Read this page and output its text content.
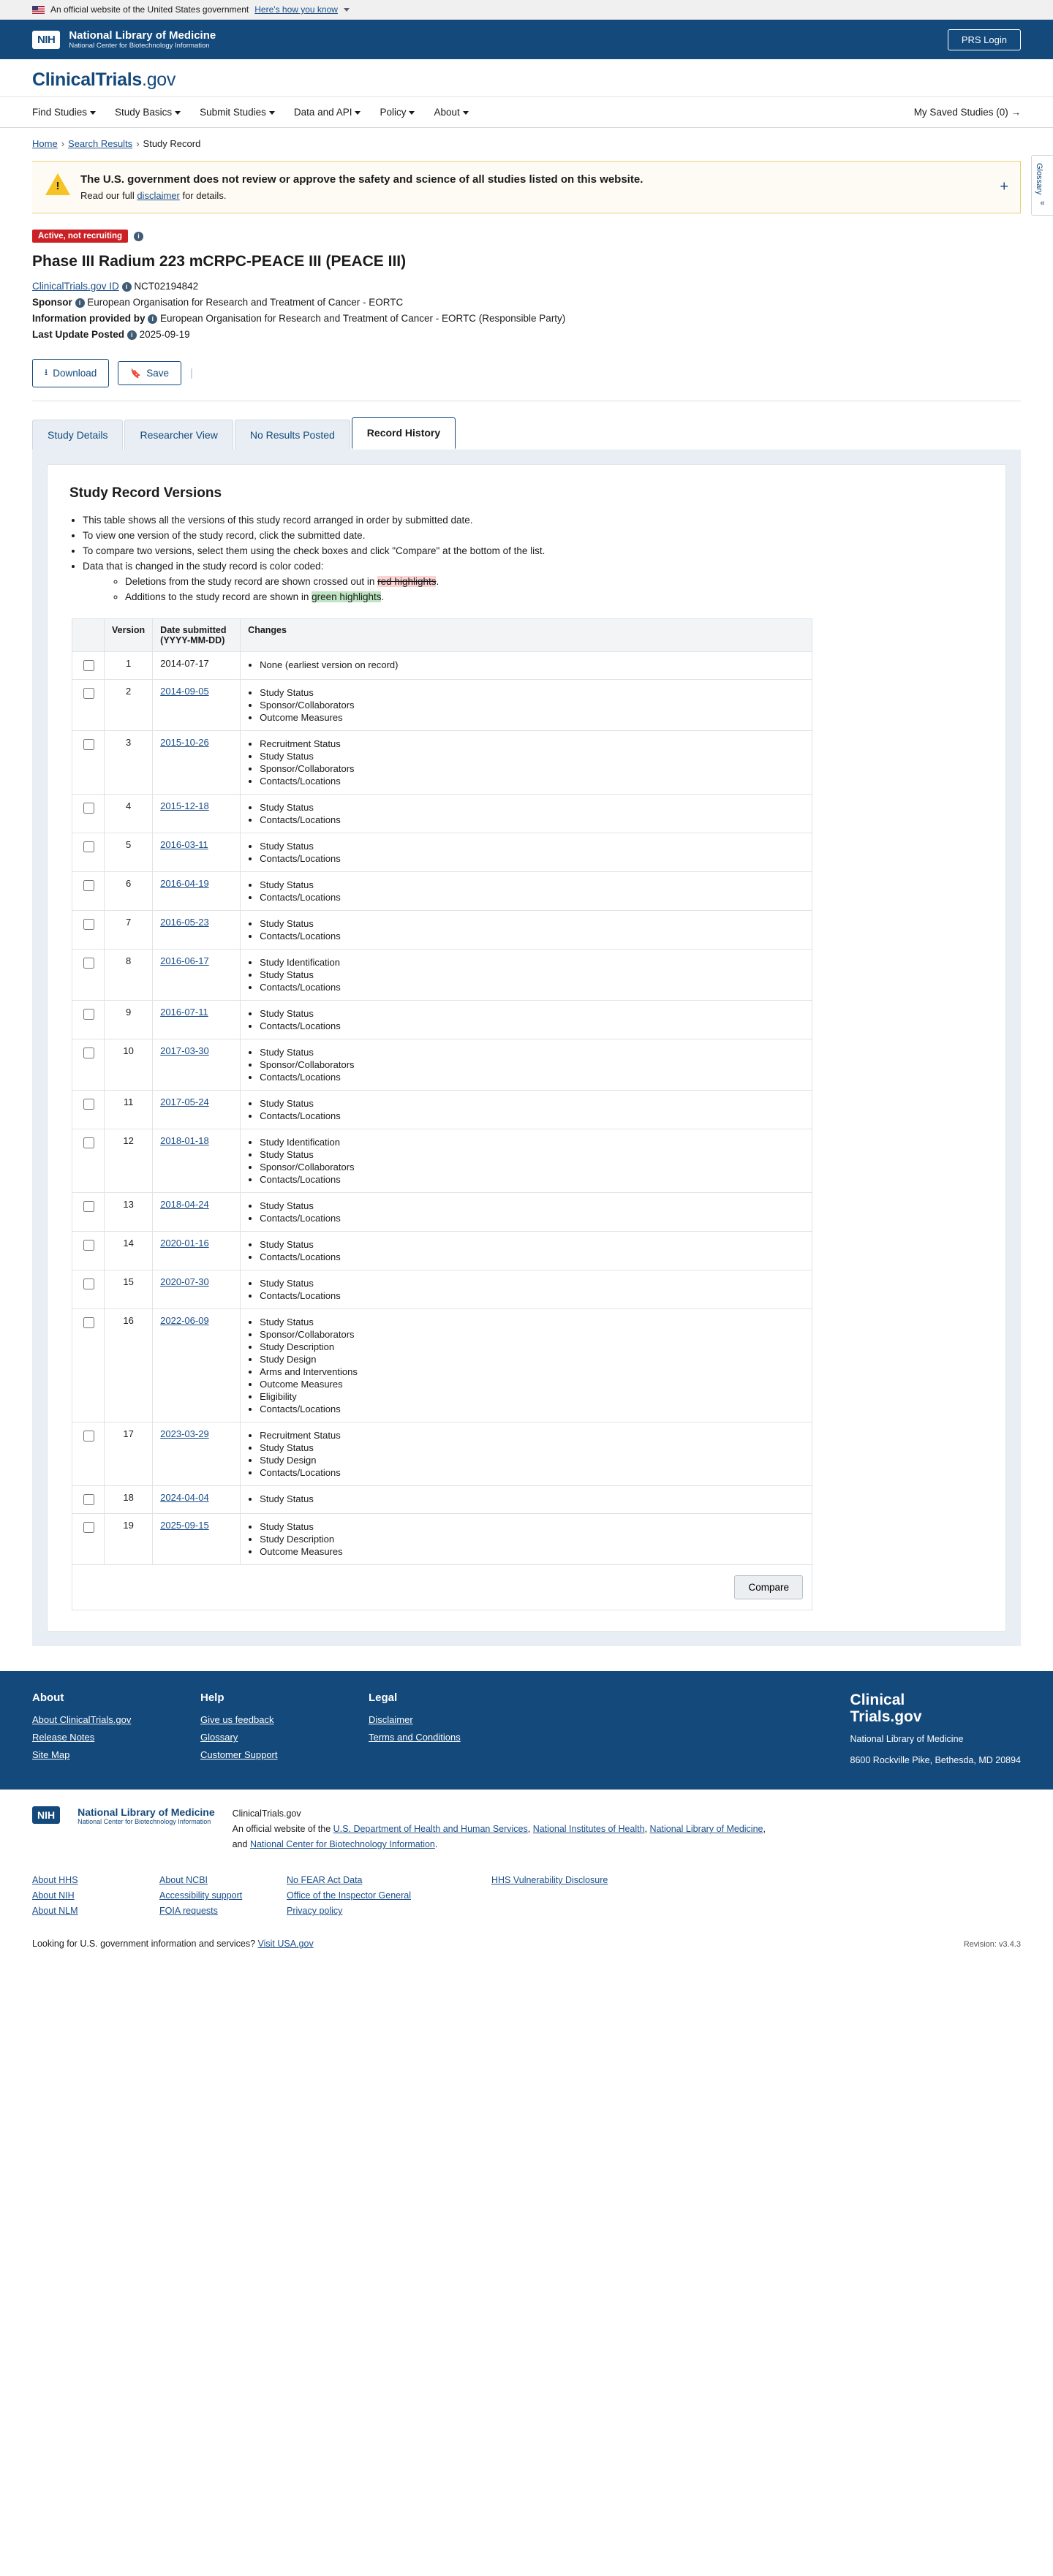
An official website of the United States government Here's how you know
NIH	National Library of Medicine
National Center for Biotechnology Information
PRS Login
ClinicalTrials.gov
Find Studies	Study Basics	Submit Studies	Data and API	Policy	About	My Saved Studies (0) →
Home › Search Results › Study Record
Glossary
«
!
The U.S. government does not review or approve the safety and science of all studies listed on this website.
Read our full disclaimer for details.
+
Active, not recruiting	i
Phase III Radium 223 mCRPC-PEACE III (PEACE III)
ClinicalTrials.gov ID i NCT02194842
Sponsor i European Organisation for Research and Treatment of Cancer - EORTC
Information provided by i European Organisation for Research and Treatment of Cancer - EORTC (Responsible Party)
Last Update Posted i 2025-09-19
⭳ Download	🔖 Save |
Study Details	Researcher View	No Results Posted	Record History
Study Record Versions
• This table shows all the versions of this study record arranged in order by submitted date.
• To view one version of the study record, click the submitted date.
• To compare two versions, select them using the check boxes and click "Compare" at the bottom of the list.
• Data that is changed in the study record is color coded:
◦ Deletions from the study record are shown crossed out in red highlights.
◦ Additions to the study record are shown in green highlights.
	Version	Date submitted
(YYYY-MM-DD)	Changes
	1	2014-07-17	
•None (earliest version on record)

	2	2014-09-05	
•Study Status
• Sponsor/Collaborators
• Outcome Measures

	3	2015-10-26	
•Recruitment Status
• Study Status
• Sponsor/Collaborators
• Contacts/Locations

	4	2015-12-18	
•Study Status
• Contacts/Locations

	5	2016-03-11	
•Study Status
• Contacts/Locations

	6	2016-04-19	
•Study Status
• Contacts/Locations

	7	2016-05-23	
•Study Status
• Contacts/Locations

	8	2016-06-17	
•Study Identification
• Study Status
• Contacts/Locations

	9	2016-07-11	
•Study Status
• Contacts/Locations

	10	2017-03-30	
•Study Status
• Sponsor/Collaborators
• Contacts/Locations

	11	2017-05-24	
•Study Status
• Contacts/Locations

	12	2018-01-18	
•Study Identification
• Study Status
• Sponsor/Collaborators
• Contacts/Locations

	13	2018-04-24	
•Study Status
• Contacts/Locations

	14	2020-01-16	
•Study Status
• Contacts/Locations

	15	2020-07-30	
•Study Status
• Contacts/Locations

	16	2022-06-09	
•Study Status
• Sponsor/Collaborators
• Study Description
• Study Design
• Arms and Interventions
• Outcome Measures
• Eligibility
• Contacts/Locations

	17	2023-03-29	
•Recruitment Status
• Study Status
• Study Design
• Contacts/Locations

	18	2024-04-04	
•Study Status

	19	2025-09-15	
•Study Status
• Study Description
• Outcome Measures
Compare
About
About ClinicalTrials.gov
Release Notes
Site Map
Help
Give us feedback
Glossary
Customer Support
Legal
Disclaimer
Terms and Conditions
Clinical
Trials.gov
National Library of Medicine
8600 Rockville Pike, Bethesda, MD 20894
NIH	National Library of Medicine
National Center for Biotechnology Information
ClinicalTrials.gov
An official website of the U.S. Department of Health and Human Services, National Institutes of Health, National Library of Medicine,
and National Center for Biotechnology Information.
About HHS
About NIH
About NLM
About NCBI
Accessibility support
FOIA requests
No FEAR Act Data
Office of the Inspector General
Privacy policy
HHS Vulnerability Disclosure
Looking for U.S. government information and services? Visit USA.gov	Revision: v3.4.3
